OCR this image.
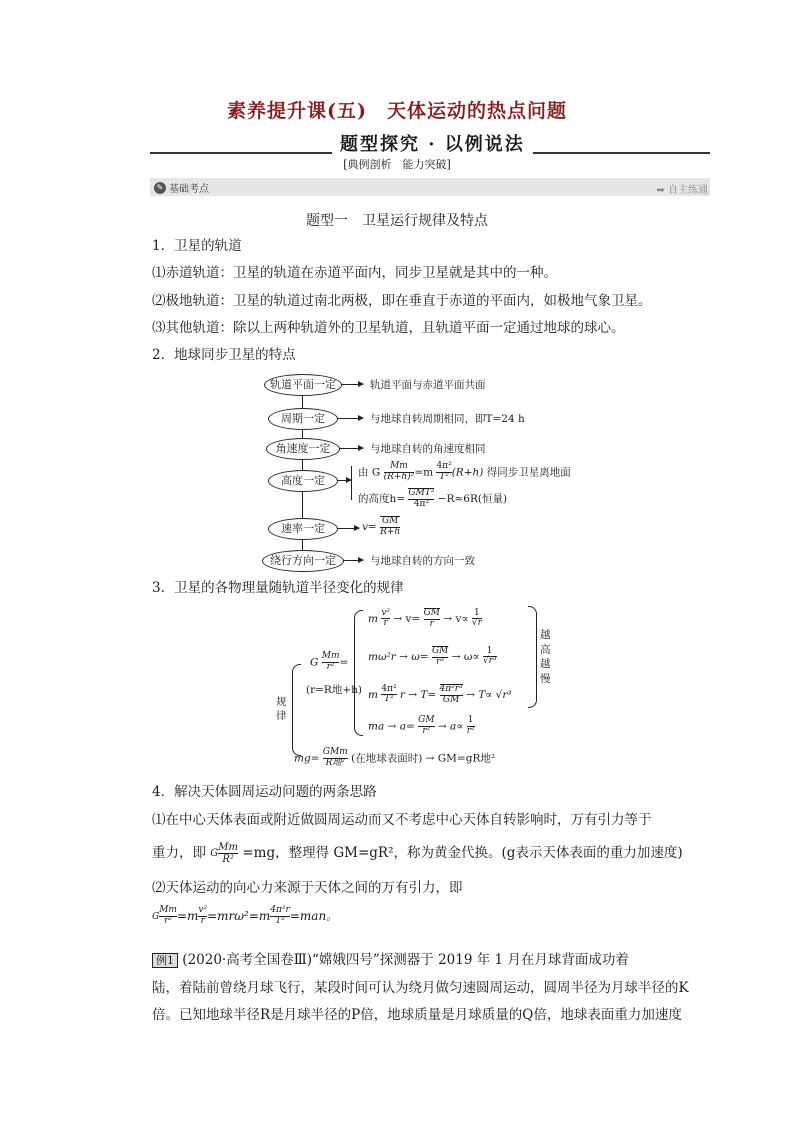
素养提升课(五)　天体运动的热点问题
题型探究 · 以例说法
[典例剖析　能力突破]
✎ 基础考点	➡ 自主练通
题型一　卫星运行规律及特点
1．卫星的轨道
⑴赤道轨道：卫星的轨道在赤道平面内，同步卫星就是其中的一种。
⑵极地轨道：卫星的轨道过南北两极，即在垂直于赤道的平面内，如极地气象卫星。
⑶其他轨道：除以上两种轨道外的卫星轨道，且轨道平面一定通过地球的球心。
2．地球同步卫星的特点
轨道平面一定	轨道平面与赤道平面共面
周期一定	与地球自转周期相同，即T=24 h
角速度一定	与地球自转的角速度相同
高度一定
由 G $\frac{Mm}{\text{(R+h)²}}=m \frac{\text{4π²}}{\text{T²}}(R+h)$ 得同步卫星离地面
的高度h= GMT²
4π² −R≈6R(恒量)
速率一定	$v= \frac{GM}{R+h}$
绕行方向一定	与地球自转的方向一致
3．卫星的各物理量随轨道半径变化的规律
G $\frac{Mm}{\text{r²}}=$
(r=R地+h)
规律
m $\frac{\text{v²}}{r} \to v= \frac{GM}{r} \to v\propto \frac{1}{√r}$
$m\omega^2r \to \omega= \frac{GM}{\text{r³}} \to \omega\propto \frac{1}{\text{√r³}}$
m $\frac{\text{4π²}}{\text{T²}}$ $r \to T= \frac{\text{4π²r³}}{GM} \to T\propto √r^3$
ma → $a= \frac{GM}{\text{r²}} \to a\propto \frac{1}{\text{r²}}$
越高越慢
mg=
GMm
R地² (在地球表面时) → GM=gR地²
4．解决天体圆周运动问题的两条思路
⑴在中心天体表面或附近做圆周运动而又不考虑中心天体自转影响时，万有引力等于
重力，即 G $\frac{Mm}{\text{R²}} =mg$，整理得 GM=gR²，称为黄金代换。(g表示天体表面的重力加速度)
⑵天体运动的向心力来源于天体之间的万有引力，即
G $\frac{Mm}{\text{r²}}=m \frac{\text{v²}}{r}=mr\omega^2=m \frac{\text{4π²r}}{\text{T²}}=man$。
例1 (2020·高考全国卷Ⅲ)“嫦娥四号”探测器于 2019 年 1 月在月球背面成功着
陆，着陆前曾绕月球飞行，某段时间可认为绕月做匀速圆周运动，圆周半径为月球半径的K
倍。已知地球半径R是月球半径的P倍，地球质量是月球质量的Q倍，地球表面重力加速度
